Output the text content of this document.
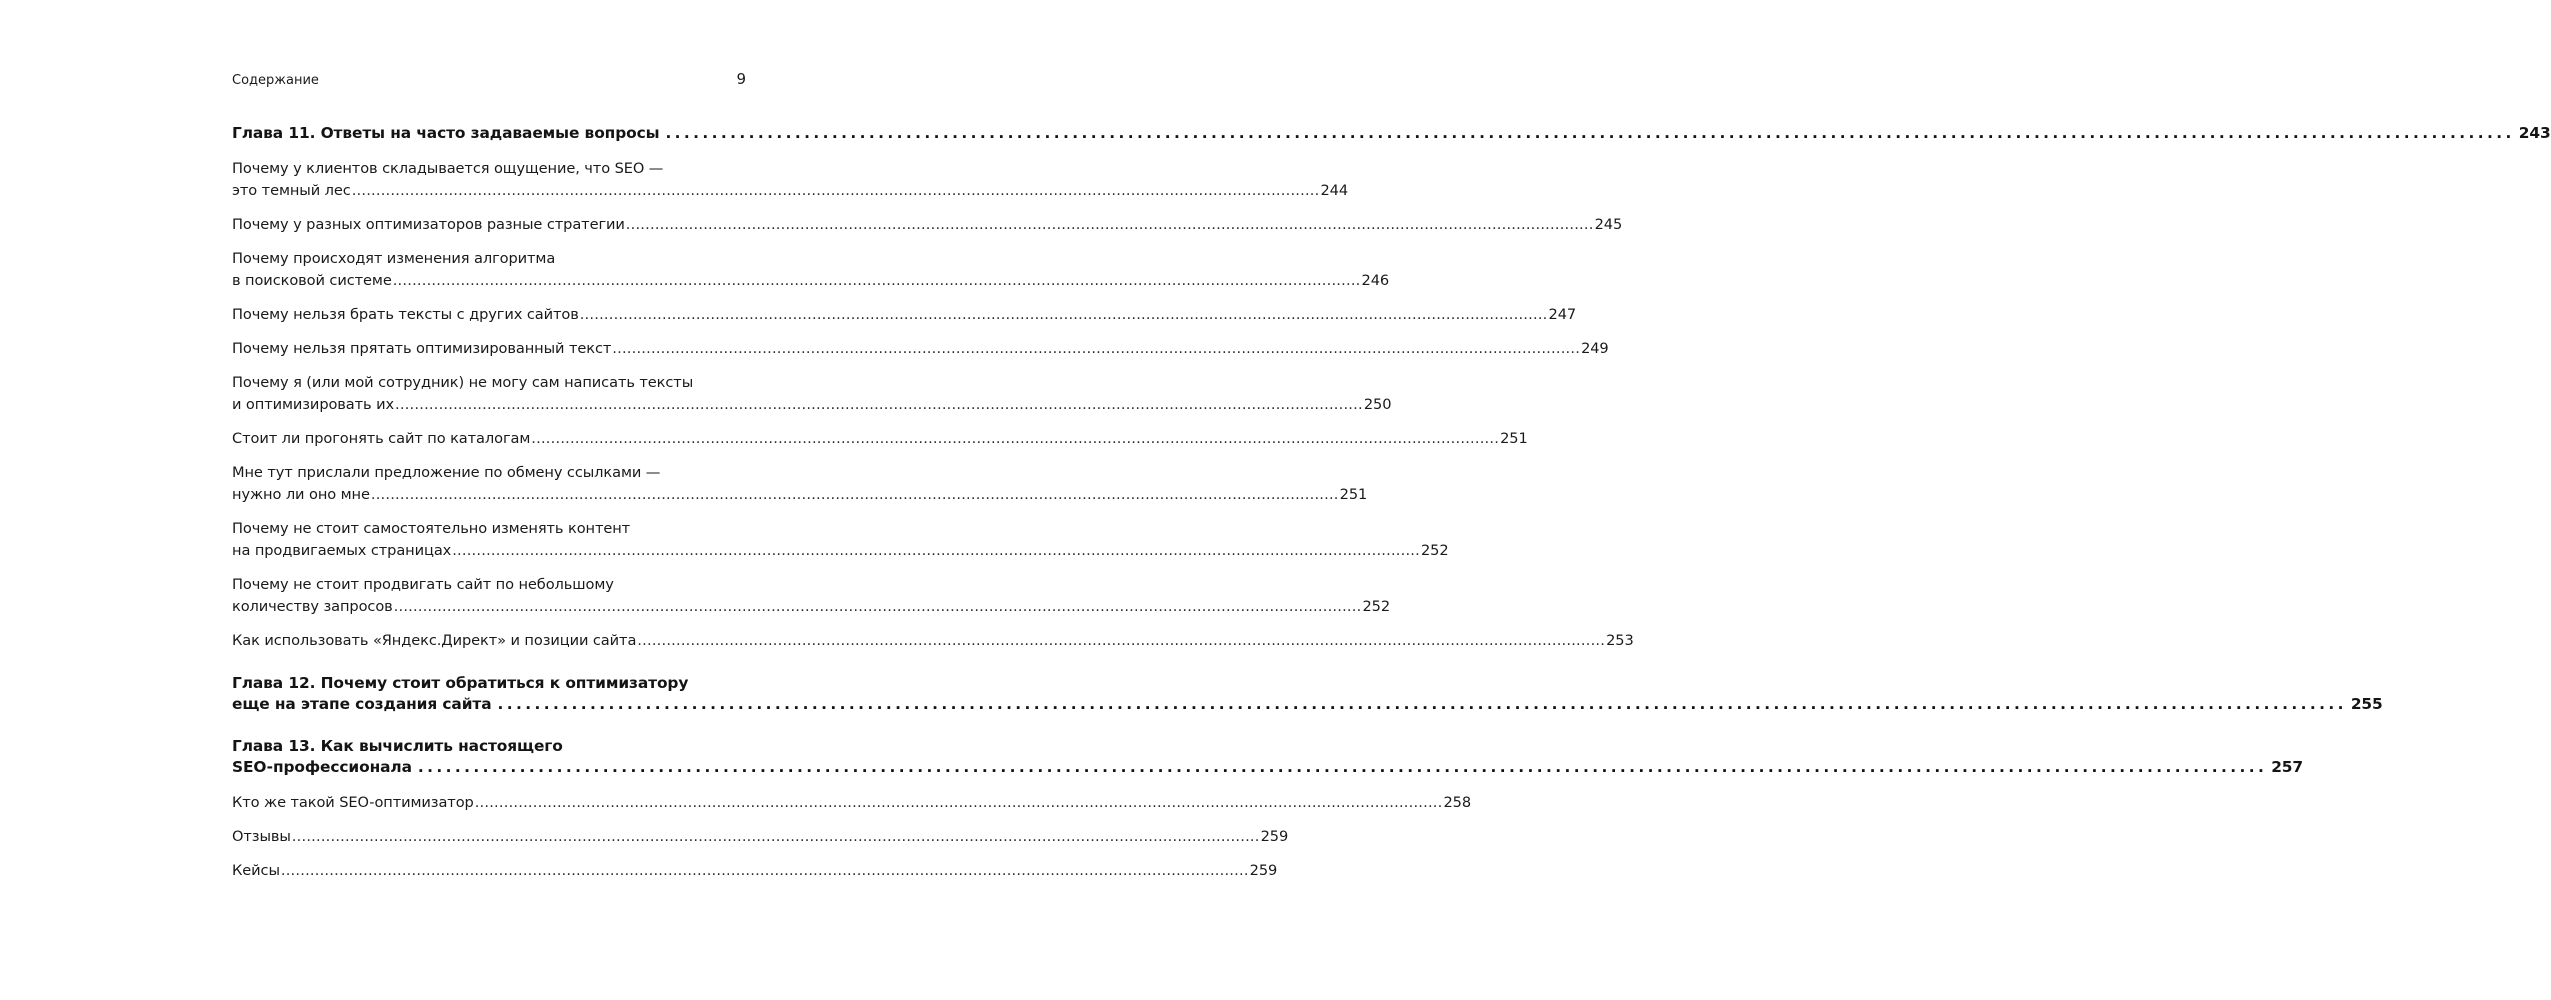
Содержание	9
Глава 11. Ответы на часто задаваемые вопросы ........................................................................................................................................................................................................ 243
Почему у клиентов складывается ощущение, что SEO —
это темный лес ........................................................................................................................................................................................................ 244
Почему у разных оптимизаторов разные стратегии ........................................................................................................................................................................................................ 245
Почему происходят изменения алгоритма
в поисковой системе ........................................................................................................................................................................................................ 246
Почему нельзя брать тексты с других сайтов ........................................................................................................................................................................................................ 247
Почему нельзя прятать оптимизированный текст ........................................................................................................................................................................................................ 249
Почему я (или мой сотрудник) не могу сам написать тексты
и оптимизировать их ........................................................................................................................................................................................................ 250
Стоит ли прогонять сайт по каталогам ........................................................................................................................................................................................................ 251
Мне тут прислали предложение по обмену ссылками —
нужно ли оно мне ........................................................................................................................................................................................................ 251
Почему не стоит самостоятельно изменять контент
на продвигаемых страницах ........................................................................................................................................................................................................ 252
Почему не стоит продвигать сайт по небольшому
количеству запросов ........................................................................................................................................................................................................ 252
Как использовать «Яндекс.Директ» и позиции сайта ........................................................................................................................................................................................................ 253
Глава 12. Почему стоит обратиться к оптимизатору
еще на этапе создания сайта ........................................................................................................................................................................................................ 255
Глава 13. Как вычислить настоящего
SEO-профессионала ........................................................................................................................................................................................................ 257
Кто же такой SEO-оптимизатор ........................................................................................................................................................................................................ 258
Отзывы ........................................................................................................................................................................................................ 259
Кейсы ........................................................................................................................................................................................................ 259
